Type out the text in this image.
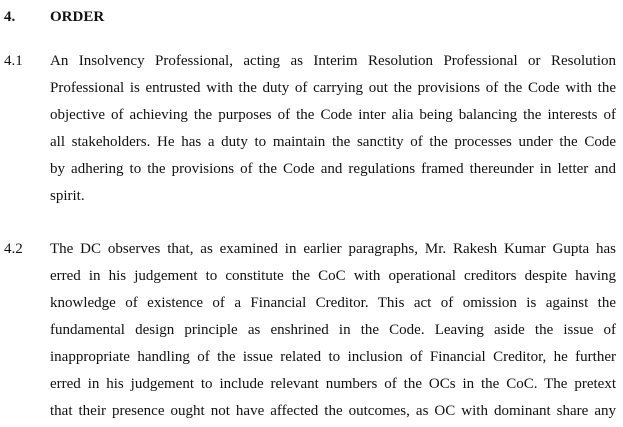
4. ORDER
4.1 An Insolvency Professional, acting as Interim Resolution Professional or Resolution
Professional is entrusted with the duty of carrying out the provisions of the Code with the
objective of achieving the purposes of the Code inter alia being balancing the interests of
all stakeholders. He has a duty to maintain the sanctity of the processes under the Code
by adhering to the provisions of the Code and regulations framed thereunder in letter and
spirit.
4.2 The DC observes that, as examined in earlier paragraphs, Mr. Rakesh Kumar Gupta has
erred in his judgement to constitute the CoC with operational creditors despite having
knowledge of existence of a Financial Creditor. This act of omission is against the
fundamental design principle as enshrined in the Code. Leaving aside the issue of
inappropriate handling of the issue related to inclusion of Financial Creditor, he further
erred in his judgement to include relevant numbers of the OCs in the CoC. The pretext
that their presence ought not have affected the outcomes, as OC with dominant share any
